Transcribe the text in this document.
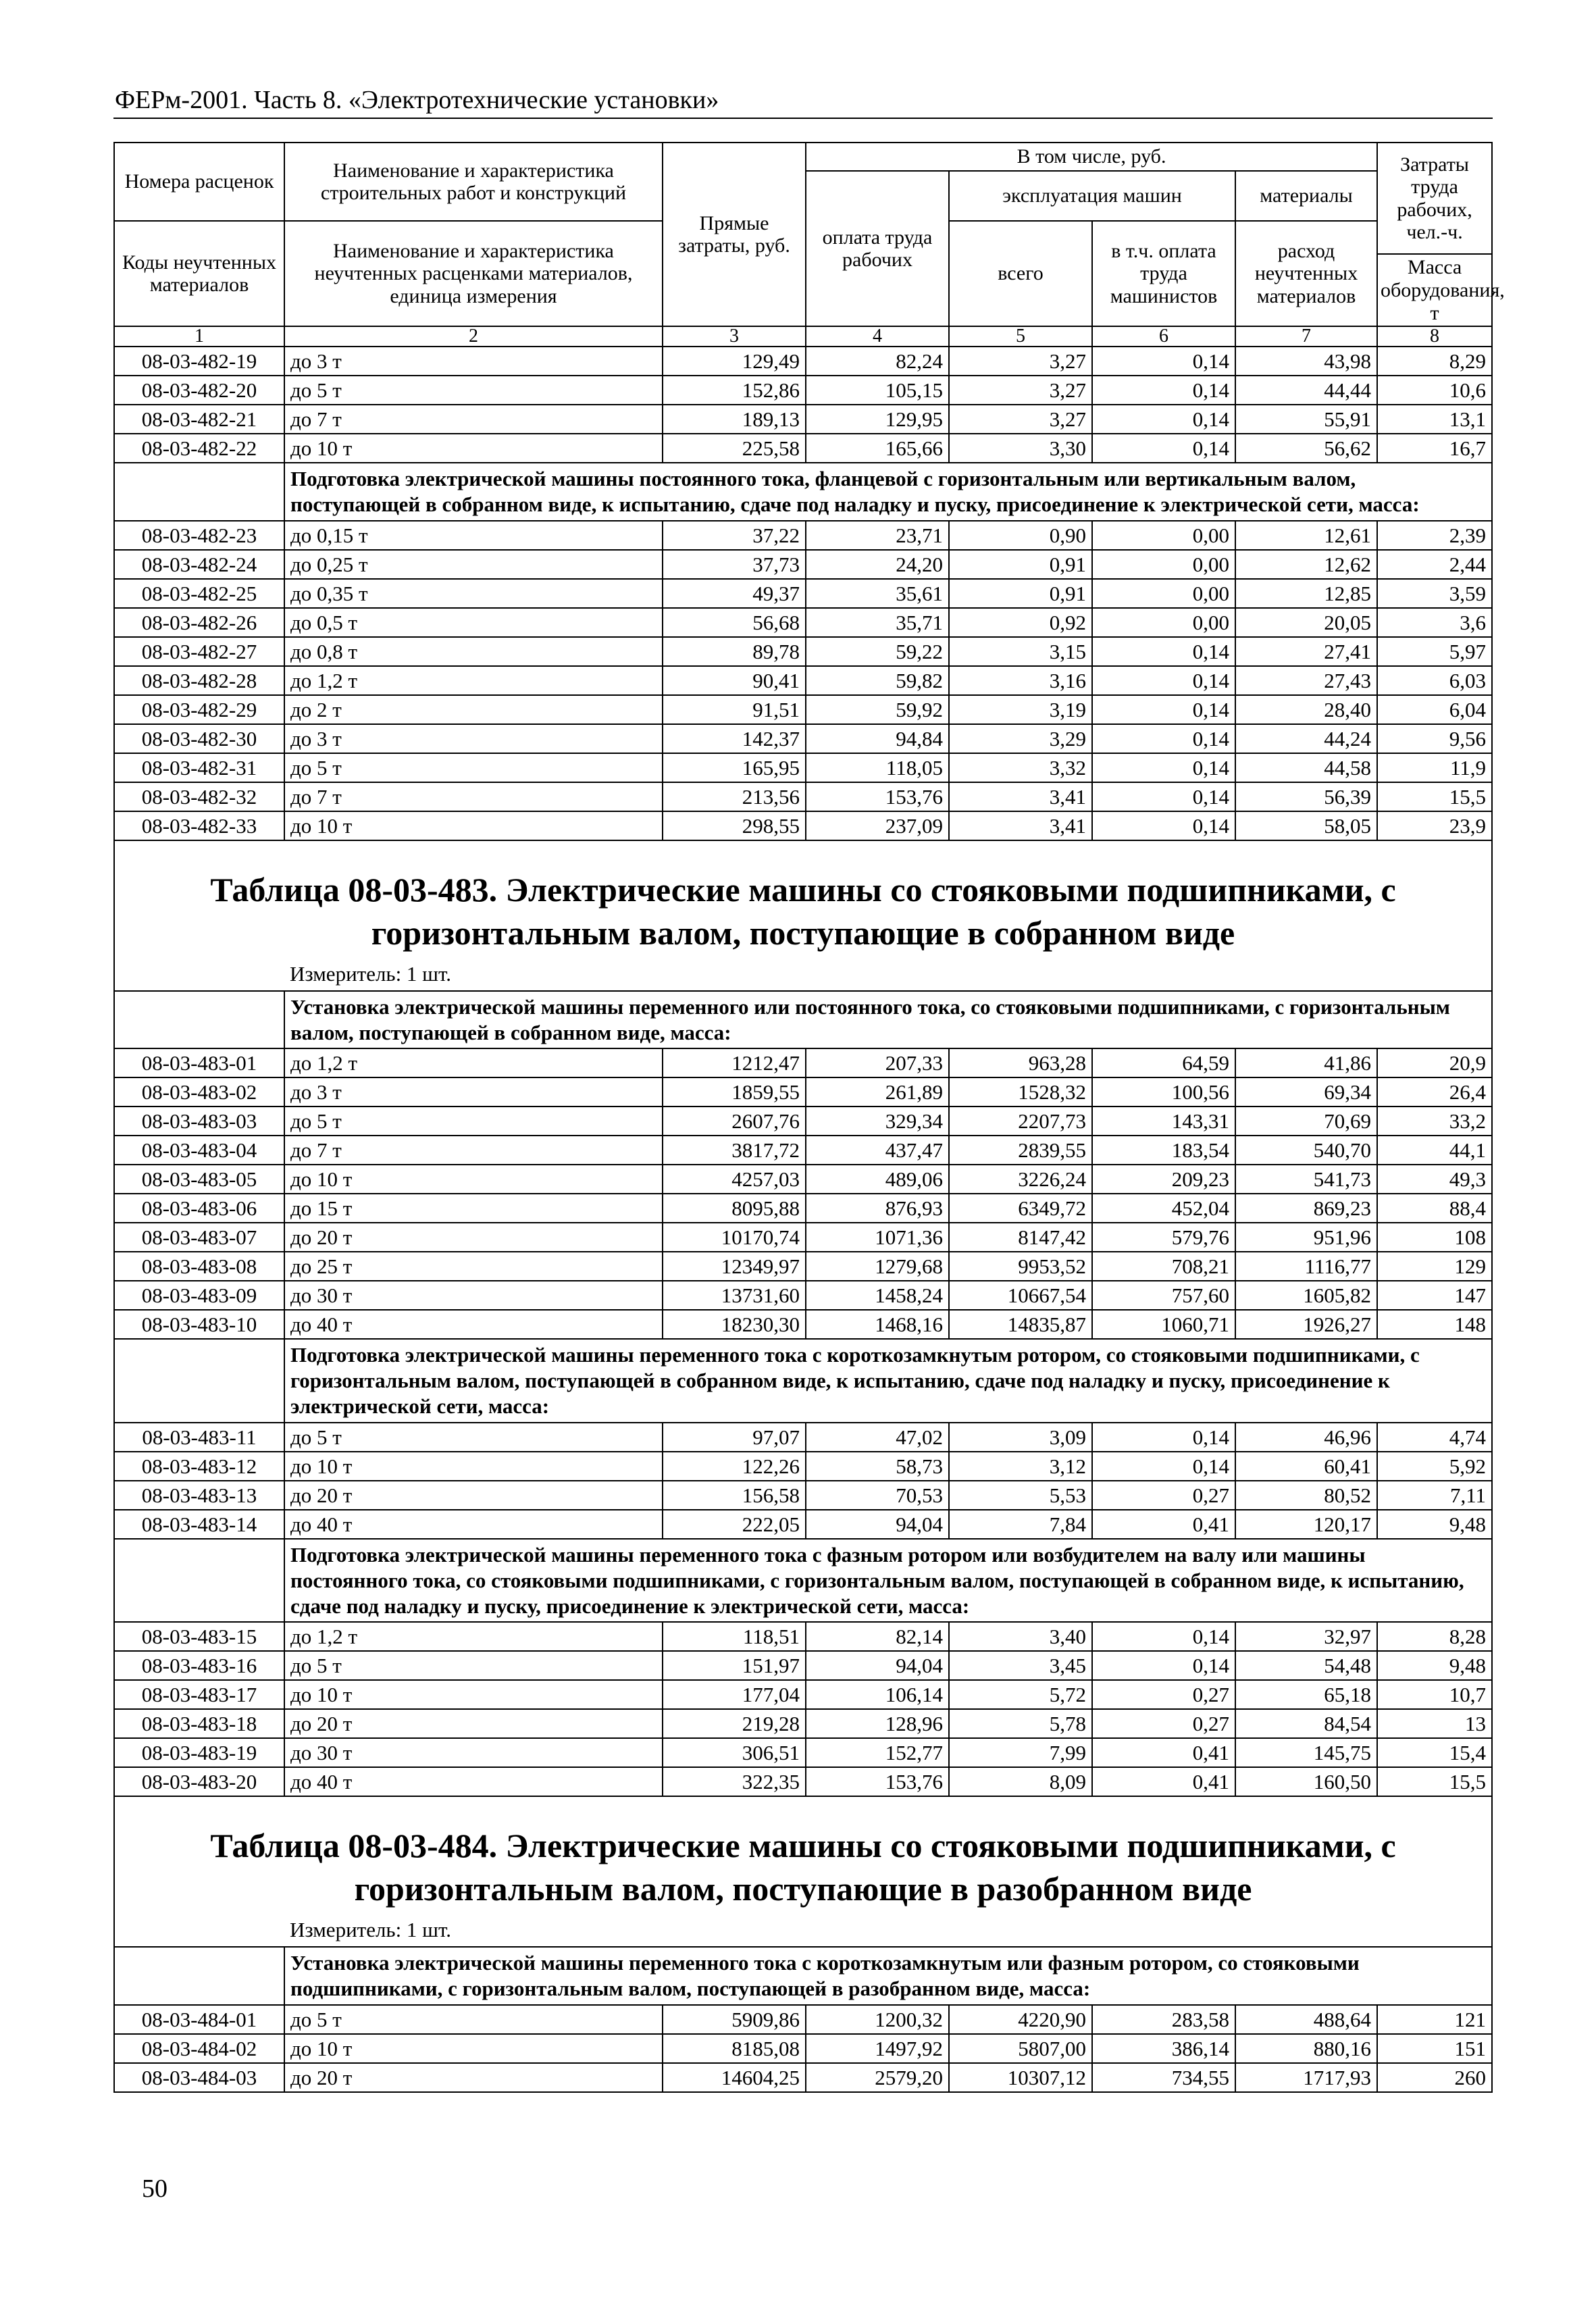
ФЕРм-2001. Часть 8. «Электротехнические установки»
Номера расценок	Наименование и характеристика строительных работ и конструкций	Прямые затраты, руб.	В том числе, руб.				Затраты труда рабочих, чел.-ч.
			оплата труда рабочих	эксплуатация машин		материалы	
Коды неучтенных материалов	Наименование и характеристика неучтенных расценками материалов, единица измерения			всего	в т.ч. оплата труда машинистов	расход неучтенных материалов	
							Масса оборудования, т
1	2	3	4	5	6	7	8
08-03-482-19	до 3 т	129,49	82,24	3,27	0,14	43,98	8,29
08-03-482-20	до 5 т	152,86	105,15	3,27	0,14	44,44	10,6
08-03-482-21	до 7 т	189,13	129,95	3,27	0,14	55,91	13,1
08-03-482-22	до 10 т	225,58	165,66	3,30	0,14	56,62	16,7
	Подготовка электрической машины постоянного тока, фланцевой с горизонтальным или вертикальным валом, поступающей в собранном виде, к испытанию, сдаче под наладку и пуску, присоединение к электрической сети, масса:						
08-03-482-23	до 0,15 т	37,22	23,71	0,90	0,00	12,61	2,39
08-03-482-24	до 0,25 т	37,73	24,20	0,91	0,00	12,62	2,44
08-03-482-25	до 0,35 т	49,37	35,61	0,91	0,00	12,85	3,59
08-03-482-26	до 0,5 т	56,68	35,71	0,92	0,00	20,05	3,6
08-03-482-27	до 0,8 т	89,78	59,22	3,15	0,14	27,41	5,97
08-03-482-28	до 1,2 т	90,41	59,82	3,16	0,14	27,43	6,03
08-03-482-29	до 2 т	91,51	59,92	3,19	0,14	28,40	6,04
08-03-482-30	до 3 т	142,37	94,84	3,29	0,14	44,24	9,56
08-03-482-31	до 5 т	165,95	118,05	3,32	0,14	44,58	11,9
08-03-482-32	до 7 т	213,56	153,76	3,41	0,14	56,39	15,5
08-03-482-33	до 10 т	298,55	237,09	3,41	0,14	58,05	23,9

Таблица 08-03-483. Электрические машины со стояковыми подшипниками, с
горизонтальным валом, поступающие в собранном виде							

	Измеритель: 1 шт.						
	Установка электрической машины переменного или постоянного тока, со стояковыми подшипниками, с горизонтальным валом, поступающей в собранном виде, масса:						
08-03-483-01	до 1,2 т	1212,47	207,33	963,28	64,59	41,86	20,9
08-03-483-02	до 3 т	1859,55	261,89	1528,32	100,56	69,34	26,4
08-03-483-03	до 5 т	2607,76	329,34	2207,73	143,31	70,69	33,2
08-03-483-04	до 7 т	3817,72	437,47	2839,55	183,54	540,70	44,1
08-03-483-05	до 10 т	4257,03	489,06	3226,24	209,23	541,73	49,3
08-03-483-06	до 15 т	8095,88	876,93	6349,72	452,04	869,23	88,4
08-03-483-07	до 20 т	10170,74	1071,36	8147,42	579,76	951,96	108
08-03-483-08	до 25 т	12349,97	1279,68	9953,52	708,21	1116,77	129
08-03-483-09	до 30 т	13731,60	1458,24	10667,54	757,60	1605,82	147
08-03-483-10	до 40 т	18230,30	1468,16	14835,87	1060,71	1926,27	148
	Подготовка электрической машины переменного тока с короткозамкнутым ротором, со стояковыми подшипниками, с горизонтальным валом, поступающей в собранном виде, к испытанию, сдаче под наладку и пуску, присоединение к электрической сети, масса:						
08-03-483-11	до 5 т	97,07	47,02	3,09	0,14	46,96	4,74
08-03-483-12	до 10 т	122,26	58,73	3,12	0,14	60,41	5,92
08-03-483-13	до 20 т	156,58	70,53	5,53	0,27	80,52	7,11
08-03-483-14	до 40 т	222,05	94,04	7,84	0,41	120,17	9,48
	Подготовка электрической машины переменного тока с фазным ротором или возбудителем на валу или машины постоянного тока, со стояковыми подшипниками, с горизонтальным валом, поступающей в собранном виде, к испытанию, сдаче под наладку и пуску, присоединение к электрической сети, масса:						
08-03-483-15	до 1,2 т	118,51	82,14	3,40	0,14	32,97	8,28
08-03-483-16	до 5 т	151,97	94,04	3,45	0,14	54,48	9,48
08-03-483-17	до 10 т	177,04	106,14	5,72	0,27	65,18	10,7
08-03-483-18	до 20 т	219,28	128,96	5,78	0,27	84,54	13
08-03-483-19	до 30 т	306,51	152,77	7,99	0,41	145,75	15,4
08-03-483-20	до 40 т	322,35	153,76	8,09	0,41	160,50	15,5

Таблица 08-03-484. Электрические машины со стояковыми подшипниками, с
горизонтальным валом, поступающие в разобранном виде							

	Измеритель: 1 шт.						
	Установка электрической машины переменного тока с короткозамкнутым или фазным ротором, со стояковыми подшипниками, с горизонтальным валом, поступающей в разобранном виде, масса:						
08-03-484-01	до 5 т	5909,86	1200,32	4220,90	283,58	488,64	121
08-03-484-02	до 10 т	8185,08	1497,92	5807,00	386,14	880,16	151
08-03-484-03	до 20 т	14604,25	2579,20	10307,12	734,55	1717,93	260
50
